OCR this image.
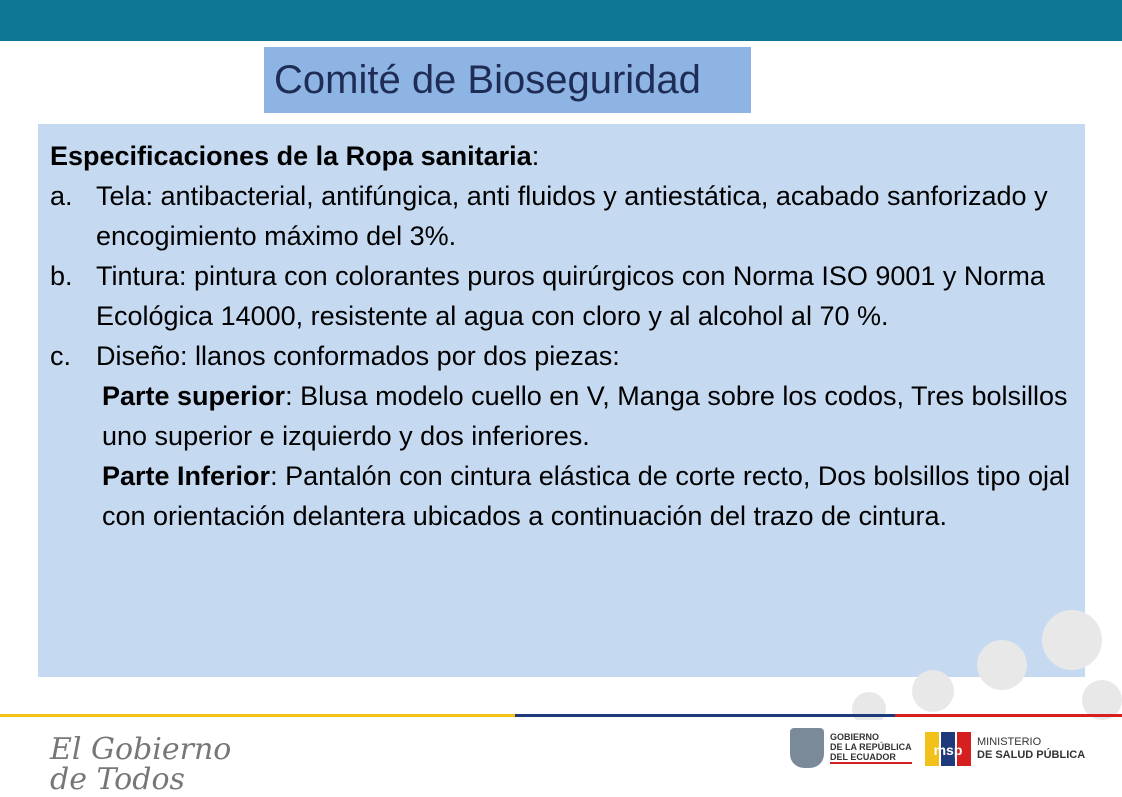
Comité de Bioseguridad
Especificaciones de la Ropa sanitaria:
a. Tela: antibacterial, antifúngica, anti fluidos y antiestática, acabado sanforizado y encogimiento máximo del 3%.
b. Tintura: pintura con colorantes puros quirúrgicos con Norma ISO 9001 y Norma Ecológica 14000, resistente al agua con cloro y al alcohol al 70 %.
c. Diseño: llanos conformados por dos piezas:
Parte superior: Blusa modelo cuello en V, Manga sobre los codos, Tres bolsillos uno superior e izquierdo y dos inferiores.
Parte Inferior: Pantalón con cintura elástica de corte recto, Dos bolsillos tipo ojal con orientación delantera ubicados a continuación del trazo de cintura.
El Gobierno
de Todos
GOBIERNO
DE LA REPÚBLICA
DEL ECUADOR	msp	MINISTERIO
DE SALUD PÚBLICA
